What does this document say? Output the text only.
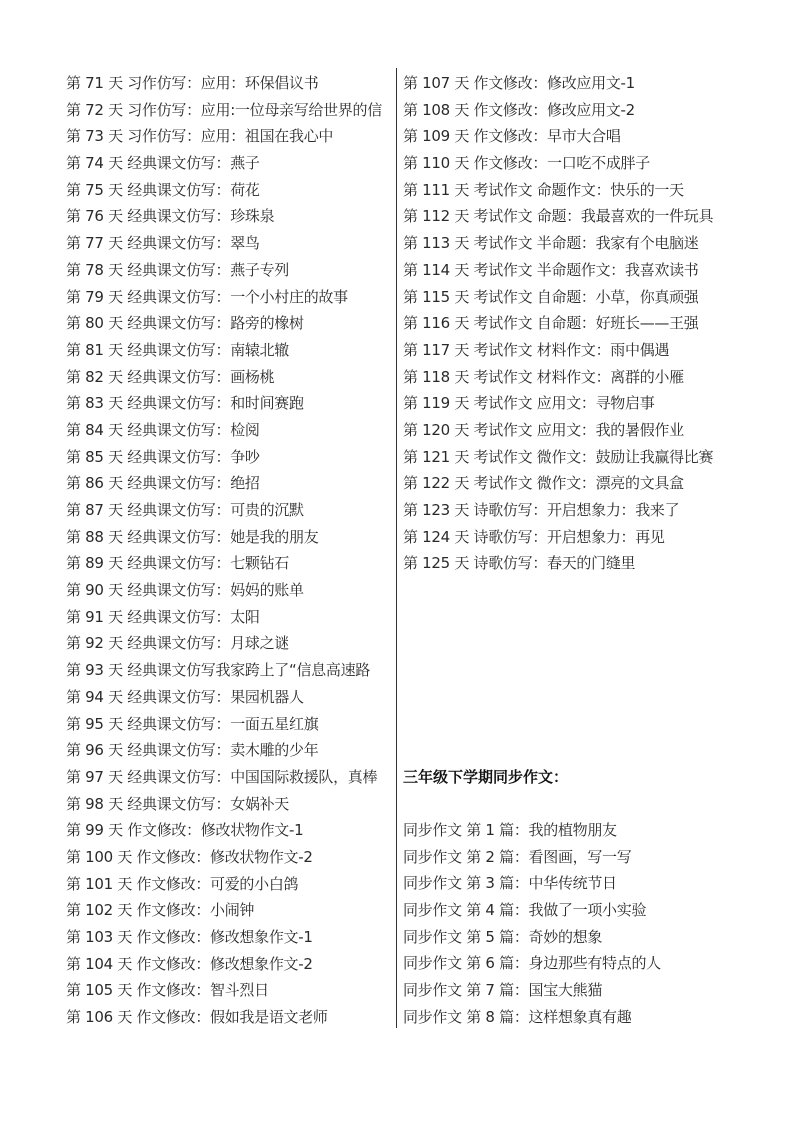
第 71 天 习作仿写：应用：环保倡议书
第 72 天 习作仿写：应用:一位母亲写给世界的信
第 73 天 习作仿写：应用：祖国在我心中
第 74 天 经典课文仿写：燕子
第 75 天 经典课文仿写：荷花
第 76 天 经典课文仿写：珍珠泉
第 77 天 经典课文仿写：翠鸟
第 78 天 经典课文仿写：燕子专列
第 79 天 经典课文仿写：一个小村庄的故事
第 80 天 经典课文仿写：路旁的橡树
第 81 天 经典课文仿写：南辕北辙
第 82 天 经典课文仿写：画杨桃
第 83 天 经典课文仿写：和时间赛跑
第 84 天 经典课文仿写：检阅
第 85 天 经典课文仿写：争吵
第 86 天 经典课文仿写：绝招
第 87 天 经典课文仿写：可贵的沉默
第 88 天 经典课文仿写：她是我的朋友
第 89 天 经典课文仿写：七颗钻石
第 90 天 经典课文仿写：妈妈的账单
第 91 天 经典课文仿写：太阳
第 92 天 经典课文仿写：月球之谜
第 93 天 经典课文仿写我家跨上了“信息高速路
第 94 天 经典课文仿写：果园机器人
第 95 天 经典课文仿写：一面五星红旗
第 96 天 经典课文仿写：卖木雕的少年
第 97 天 经典课文仿写：中国国际救援队，真棒
第 98 天 经典课文仿写：女娲补天
第 99 天 作文修改：修改状物作文-1
第 100 天 作文修改：修改状物作文-2
第 101 天 作文修改：可爱的小白鸽
第 102 天 作文修改：小闹钟
第 103 天 作文修改：修改想象作文-1
第 104 天 作文修改：修改想象作文-2
第 105 天 作文修改：智斗烈日
第 106 天 作文修改：假如我是语文老师
第 107 天 作文修改：修改应用文-1
第 108 天 作文修改：修改应用文-2
第 109 天 作文修改：早市大合唱
第 110 天 作文修改：一口吃不成胖子
第 111 天 考试作文 命题作文：快乐的一天
第 112 天 考试作文 命题：我最喜欢的一件玩具
第 113 天 考试作文 半命题：我家有个电脑迷
第 114 天 考试作文 半命题作文：我喜欢读书
第 115 天 考试作文 自命题：小草，你真顽强
第 116 天 考试作文 自命题：好班长——王强
第 117 天 考试作文 材料作文：雨中偶遇
第 118 天 考试作文 材料作文：离群的小雁
第 119 天 考试作文 应用文：寻物启事
第 120 天 考试作文 应用文：我的暑假作业
第 121 天 考试作文 微作文：鼓励让我赢得比赛
第 122 天 考试作文 微作文：漂亮的文具盒
第 123 天 诗歌仿写：开启想象力：我来了
第 124 天 诗歌仿写：开启想象力：再见
第 125 天 诗歌仿写：春天的门缝里
三年级下学期同步作文：
同步作文 第 1 篇：我的植物朋友
同步作文 第 2 篇：看图画，写一写
同步作文 第 3 篇：中华传统节日
同步作文 第 4 篇：我做了一项小实验
同步作文 第 5 篇：奇妙的想象
同步作文 第 6 篇：身边那些有特点的人
同步作文 第 7 篇：国宝大熊猫
同步作文 第 8 篇：这样想象真有趣
